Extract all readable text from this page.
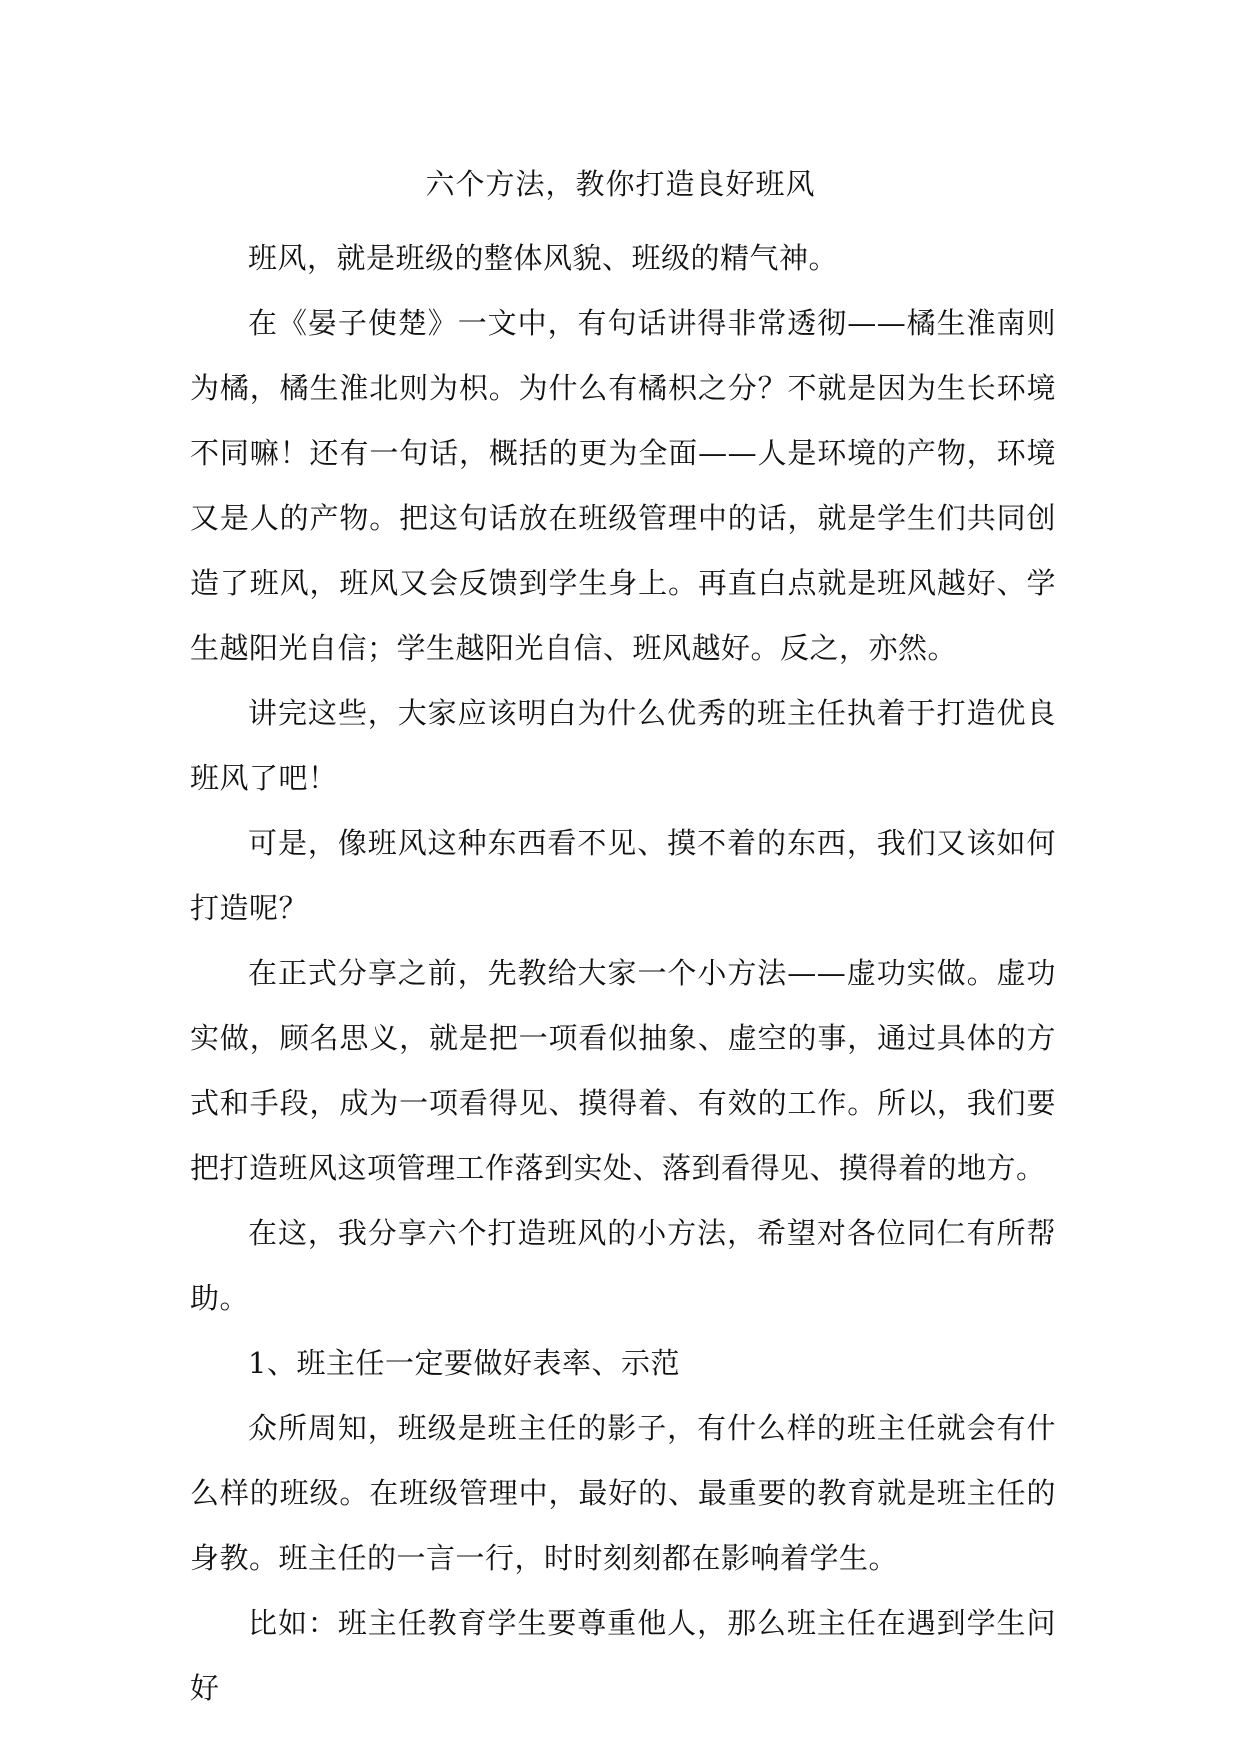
六个方法，教你打造良好班风

班风，就是班级的整体风貌、班级的精气神。

在《晏子使楚》一文中，有句话讲得非常透彻——橘生淮南则为橘，橘生淮北则为枳。为什么有橘枳之分？不就是因为生长环境不同嘛！还有一句话，概括的更为全面——人是环境的产物，环境又是人的产物。把这句话放在班级管理中的话，就是学生们共同创造了班风，班风又会反馈到学生身上。再直白点就是班风越好、学生越阳光自信；学生越阳光自信、班风越好。反之，亦然。

讲完这些，大家应该明白为什么优秀的班主任执着于打造优良班风了吧！

可是，像班风这种东西看不见、摸不着的东西，我们又该如何打造呢？

在正式分享之前，先教给大家一个小方法——虚功实做。虚功实做，顾名思义，就是把一项看似抽象、虚空的事，通过具体的方式和手段，成为一项看得见、摸得着、有效的工作。所以，我们要把打造班风这项管理工作落到实处、落到看得见、摸得着的地方。

在这，我分享六个打造班风的小方法，希望对各位同仁有所帮助。

1、班主任一定要做好表率、示范

众所周知，班级是班主任的影子，有什么样的班主任就会有什么样的班级。在班级管理中，最好的、最重要的教育就是班主任的身教。班主任的一言一行，时时刻刻都在影响着学生。

比如：班主任教育学生要尊重他人，那么班主任在遇到学生问好
